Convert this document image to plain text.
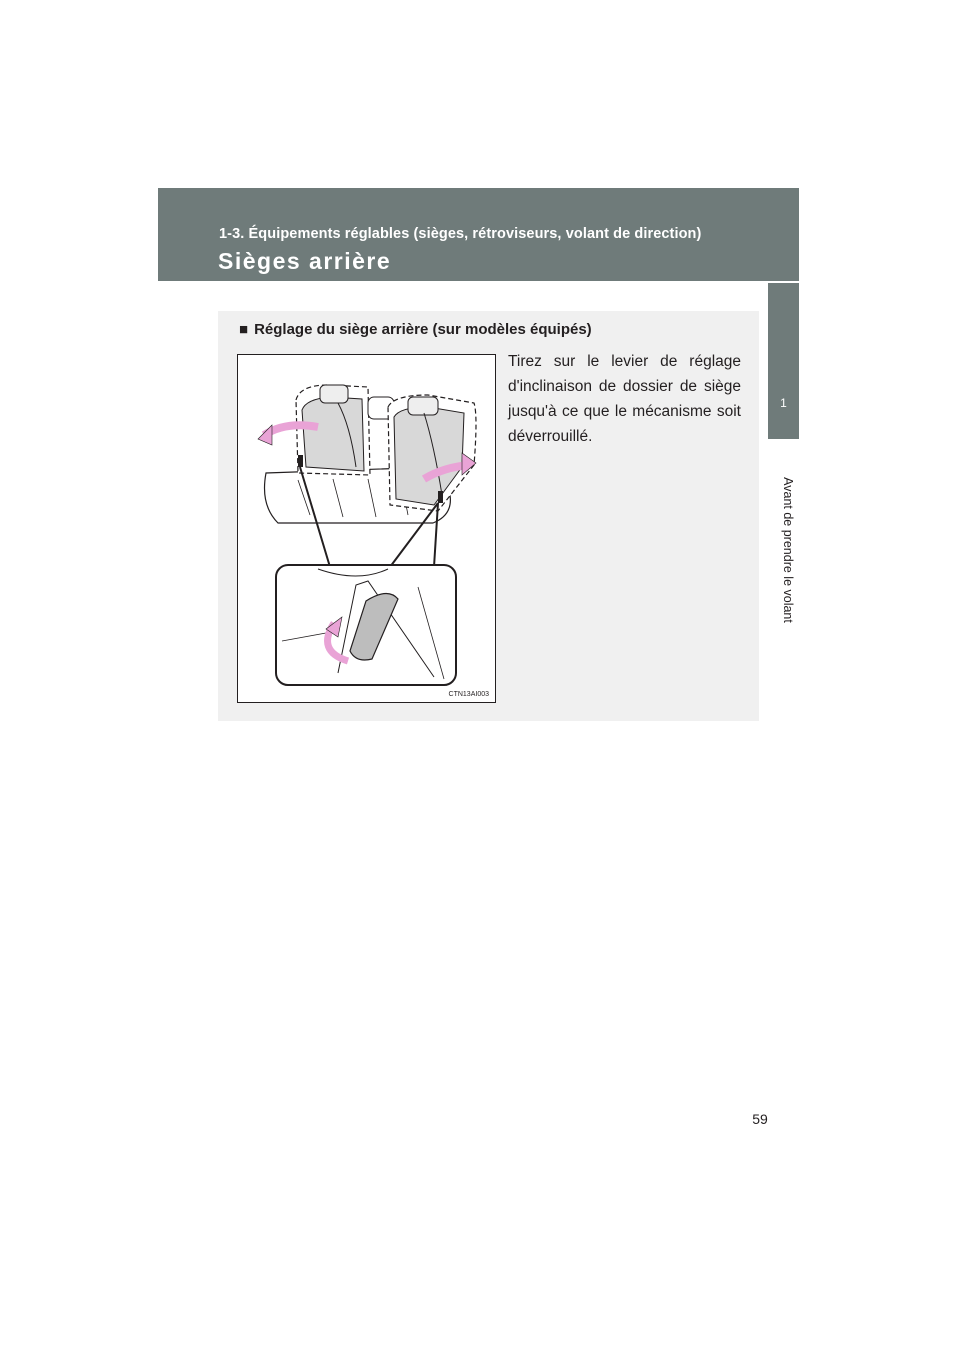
1-3. Équipements réglables (sièges, rétroviseurs, volant de direction)
Sièges arrière
1
Avant de prendre le volant
■ Réglage du siège arrière (sur modèles équipés)
CTN13AI003
Tirez sur le levier de réglage d'inclinaison de dossier de siège jusqu'à ce que le mécanisme soit déverrouillé.
59
